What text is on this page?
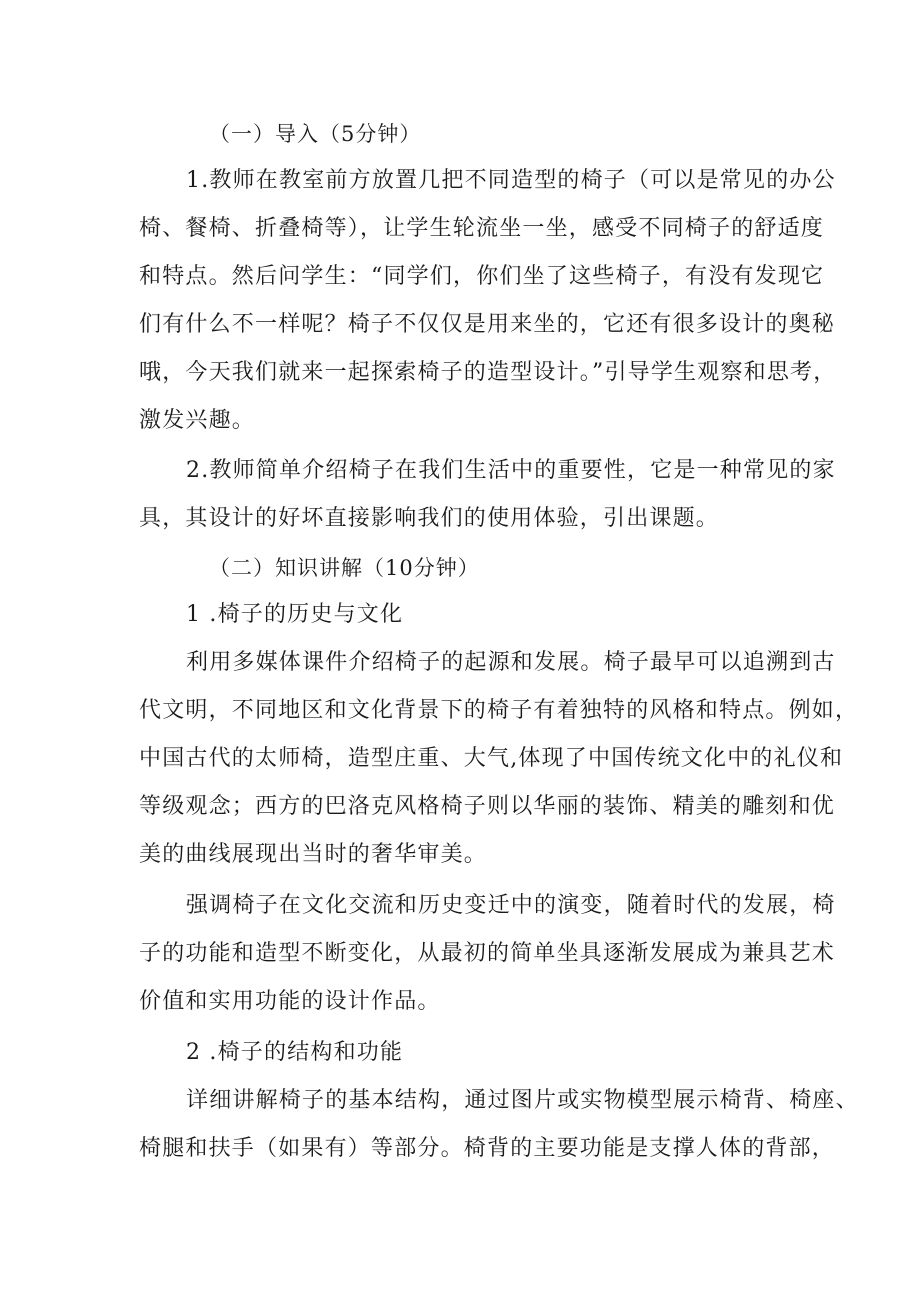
（一）导入（5分钟）
1.教师在教室前方放置几把不同造型的椅子（可以是常见的办公
椅、餐椅、折叠椅等），让学生轮流坐一坐，感受不同椅子的舒适度
和特点。然后问学生：“同学们，你们坐了这些椅子，有没有发现它
们有什么不一样呢？椅子不仅仅是用来坐的，它还有很多设计的奥秘
哦，今天我们就来一起探索椅子的造型设计。”引导学生观察和思考，
激发兴趣。
2.教师简单介绍椅子在我们生活中的重要性，它是一种常见的家
具，其设计的好坏直接影响我们的使用体验，引出课题。
（二）知识讲解（10分钟）
1 .椅子的历史与文化
利用多媒体课件介绍椅子的起源和发展。椅子最早可以追溯到古
代文明，不同地区和文化背景下的椅子有着独特的风格和特点。例如，
中国古代的太师椅，造型庄重、大气,体现了中国传统文化中的礼仪和
等级观念；西方的巴洛克风格椅子则以华丽的装饰、精美的雕刻和优
美的曲线展现出当时的奢华审美。
强调椅子在文化交流和历史变迁中的演变，随着时代的发展，椅
子的功能和造型不断变化，从最初的简单坐具逐渐发展成为兼具艺术
价值和实用功能的设计作品。
2 .椅子的结构和功能
详细讲解椅子的基本结构，通过图片或实物模型展示椅背、椅座、
椅腿和扶手（如果有）等部分。椅背的主要功能是支撑人体的背部，
